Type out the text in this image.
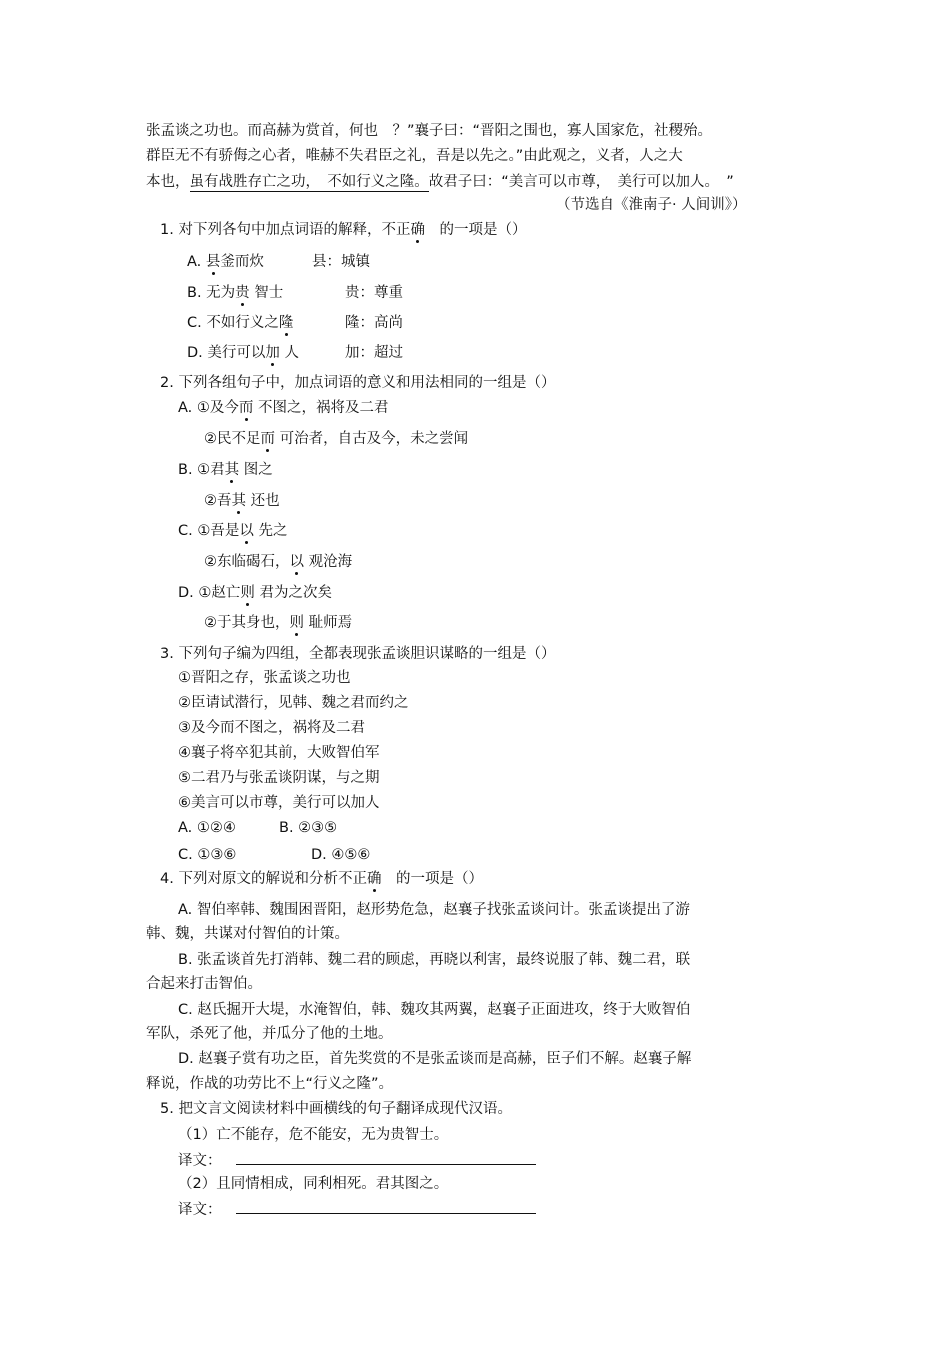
张孟谈之功也。而高赫为赏首，何也　？”襄子曰：“晋阳之围也，寡人国家危，社稷殆。
群臣无不有骄侮之心者，唯赫不失君臣之礼，吾是以先之。”由此观之，义者，人之大
本也，虽有战胜存亡之功，　不如行义之隆。故君子曰：“美言可以市尊，　美行可以加人。　”
（节选自《淮南子· 人间训》）
1. 对下列各句中加点词语的解释，不正确　的一项是（）
A. 县釜而炊	县：城镇
B. 无为贵 智士	贵：尊重
C. 不如行义之隆	隆：高尚
D. 美行可以加 人	加：超过
2. 下列各组句子中，加点词语的意义和用法相同的一组是（）
A. ①及今而 不图之，祸将及二君
②民不足而 可治者，自古及今，未之尝闻
B. ①君其 图之
②吾其 还也
C. ①吾是以 先之
②东临碣石，以 观沧海
D. ①赵亡则 君为之次矣
②于其身也，则 耻师焉
3. 下列句子编为四组，全都表现张孟谈胆识谋略的一组是（）
①晋阳之存，张孟谈之功也
②臣请试潜行，见韩、魏之君而约之
③及今而不图之，祸将及二君
④襄子将卒犯其前，大败智伯军
⑤二君乃与张孟谈阴谋，与之期
⑥美言可以市尊，美行可以加人
A. ①②④	B. ②③⑤
C. ①③⑥	D. ④⑤⑥
4. 下列对原文的解说和分析不正确　的一项是（）
A. 智伯率韩、魏围困晋阳，赵形势危急，赵襄子找张孟谈问计。张孟谈提出了游
韩、魏，共谋对付智伯的计策。
B. 张孟谈首先打消韩、魏二君的顾虑，再晓以利害，最终说服了韩、魏二君，联
合起来打击智伯。
C. 赵氏掘开大堤，水淹智伯，韩、魏攻其两翼，赵襄子正面进攻，终于大败智伯
军队，杀死了他，并瓜分了他的土地。
D. 赵襄子赏有功之臣，首先奖赏的不是张孟谈而是高赫，臣子们不解。赵襄子解
释说，作战的功劳比不上“行义之隆”。
5. 把文言文阅读材料中画横线的句子翻译成现代汉语。
（1）亡不能存，危不能安，无为贵智士。
译文：
（2）且同情相成，同利相死。君其图之。
译文：
